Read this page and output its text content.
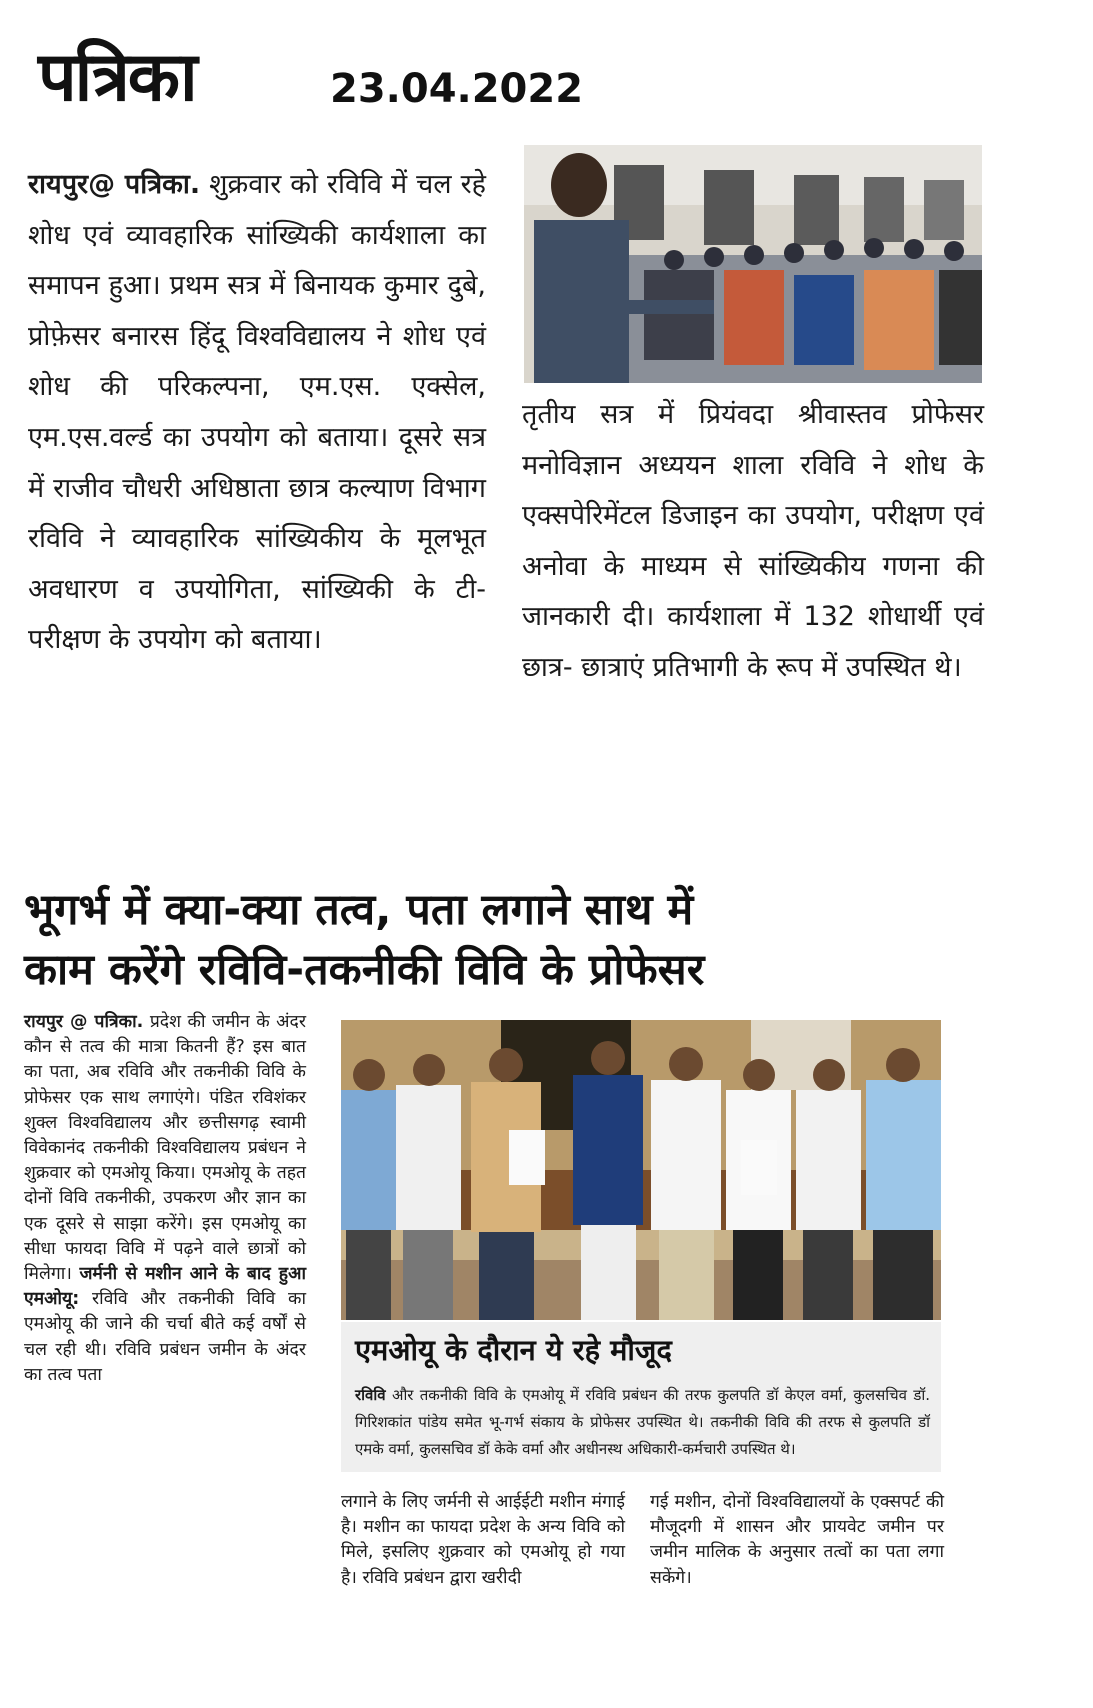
पत्रिका	23.04.2022
रायपुर@ पत्रिका. शुक्रवार को रविवि में चल रहे शोध एवं व्यावहारिक सांख्यिकी कार्यशाला का समापन हुआ। प्रथम सत्र में बिनायक कुमार दुबे, प्रोफ़ेसर बनारस हिंदू विश्वविद्यालय ने शोध एवं शोध की परिकल्पना, एम.एस. एक्सेल, एम.एस.वर्ल्ड का उपयोग को बताया। दूसरे सत्र में राजीव चौधरी अधिष्ठाता छात्र कल्याण विभाग रविवि ने व्यावहारिक सांख्यिकीय के मूलभूत अवधारण व उपयोगिता, सांख्यिकी के टी-परीक्षण के उपयोग को बताया।
तृतीय सत्र में प्रियंवदा श्रीवास्तव प्रोफेसर मनोविज्ञान अध्ययन शाला रविवि ने शोध के एक्सपेरिमेंटल डिजाइन का उपयोग, परीक्षण एवं अनोवा के माध्यम से सांख्यिकीय गणना की जानकारी दी। कार्यशाला में 132 शोधार्थी एवं छात्र- छात्राएं प्रतिभागी के रूप में उपस्थित थे।
भूगर्भ में क्या-क्या तत्व, पता लगाने साथ में
काम करेंगे रविवि-तकनीकी विवि के प्रोफेसर
रायपुर @ पत्रिका. प्रदेश की जमीन के अंदर कौन से तत्व की मात्रा कितनी हैं? इस बात का पता, अब रविवि और तकनीकी विवि के प्रोफेसर एक साथ लगाएंगे। पंडित रविशंकर शुक्ल विश्वविद्यालय और छत्तीसगढ़ स्वामी विवेकानंद तकनीकी विश्वविद्यालय प्रबंधन ने शुक्रवार को एमओयू किया। एमओयू के तहत दोनों विवि तकनीकी, उपकरण और ज्ञान का एक दूसरे से साझा करेंगे। इस एमओयू का सीधा फायदा विवि में पढ़ने वाले छात्रों को मिलेगा। जर्मनी से मशीन आने के बाद हुआ एमओयू: रविवि और तकनीकी विवि का एमओयू की जाने की चर्चा बीते कई वर्षों से चल रही थी। रविवि प्रबंधन जमीन के अंदर का तत्व पता
एमओयू के दौरान ये रहे मौजूद
रविवि और तकनीकी विवि के एमओयू में रविवि प्रबंधन की तरफ कुलपति डॉ केएल वर्मा, कुलसचिव डॉ. गिरिशकांत पांडेय समेत भू-गर्भ संकाय के प्रोफेसर उपस्थित थे। तकनीकी विवि की तरफ से कुलपति डॉ एमके वर्मा, कुलसचिव डॉ केके वर्मा और अधीनस्थ अधिकारी-कर्मचारी उपस्थित थे।
लगाने के लिए जर्मनी से आईईटी मशीन मंगाई है। मशीन का फायदा प्रदेश के अन्य विवि को मिले, इसलिए शुक्रवार को एमओयू हो गया है। रविवि प्रबंधन द्वारा खरीदी
गई मशीन, दोनों विश्वविद्यालयों के एक्सपर्ट की मौजूदगी में शासन और प्रायवेट जमीन पर जमीन मालिक के अनुसार तत्वों का पता लगा सकेंगे।
